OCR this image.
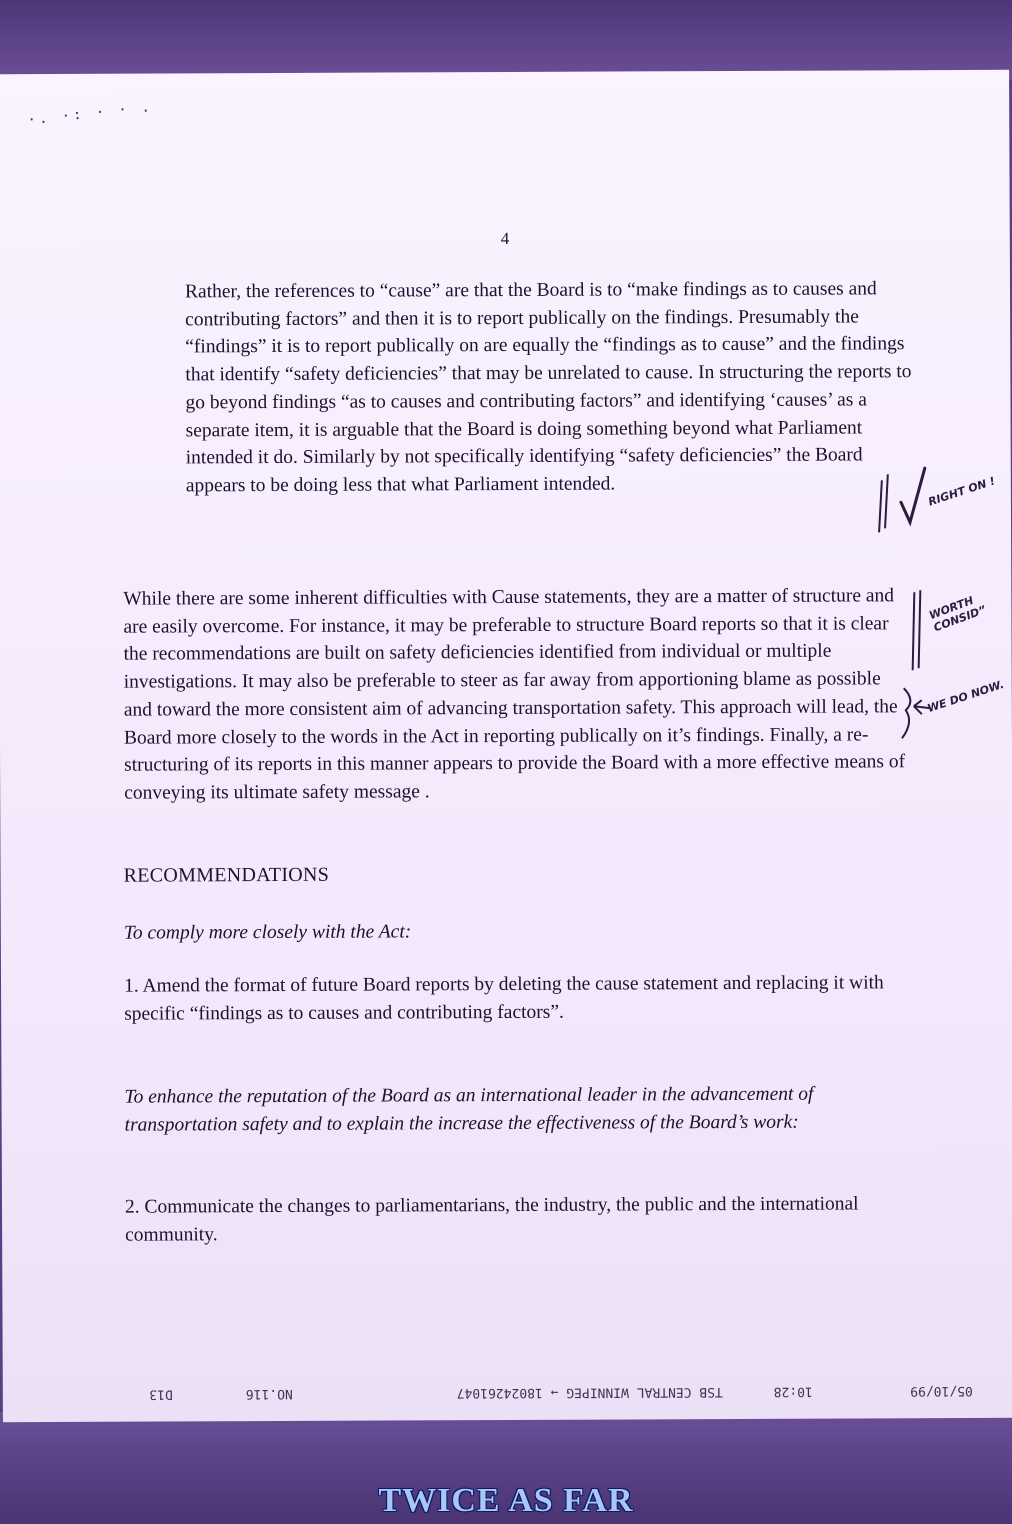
·. ·: · · .
4

Rather, the references to “cause” are that the Board is to “make findings as to causes and contributing factors” and then it is to report publically on the findings. Presumably the “findings” it is to report publically on are equally the “findings as to cause” and the findings that identify “safety deficiencies” that may be unrelated to cause. In structuring the reports to go beyond findings “as to causes and contributing factors” and identifying ‘causes’ as a separate item, it is arguable that the Board is doing something beyond what Parliament intended it do. Similarly by not specifically identifying “safety deficiencies” the Board appears to be doing less that what Parliament intended.

While there are some inherent difficulties with Cause statements, they are a matter of structure and are easily overcome. For instance, it may be preferable to structure Board reports so that it is clear the recommendations are built on safety deficiencies identified from individual or multiple investigations. It may also be preferable to steer as far away from apportioning blame as possible and toward the more consistent aim of advancing transportation safety. This approach will lead, the Board more closely to the words in the Act in reporting publically on it’s findings. Finally, a re-structuring of its reports in this manner appears to provide the Board with a more effective means of conveying its ultimate safety message .

RECOMMENDATIONS

To comply more closely with the Act:

1. Amend the format of future Board reports by deleting the cause statement and replacing it with specific “findings as to causes and contributing factors”.

To enhance the reputation of the Board as an international leader in the advancement of transportation safety and to explain the increase the effectiveness of the Board’s work:

2. Communicate the changes to parliamentarians, the industry, the public and the international community.

RIGHT ON !
WORTH CONSID”
WE DO NOW.
05/10/99
10:28
TSB CENTRAL WINNIPEG → 18024261047
NO.116
D13
TWICE AS FAR
